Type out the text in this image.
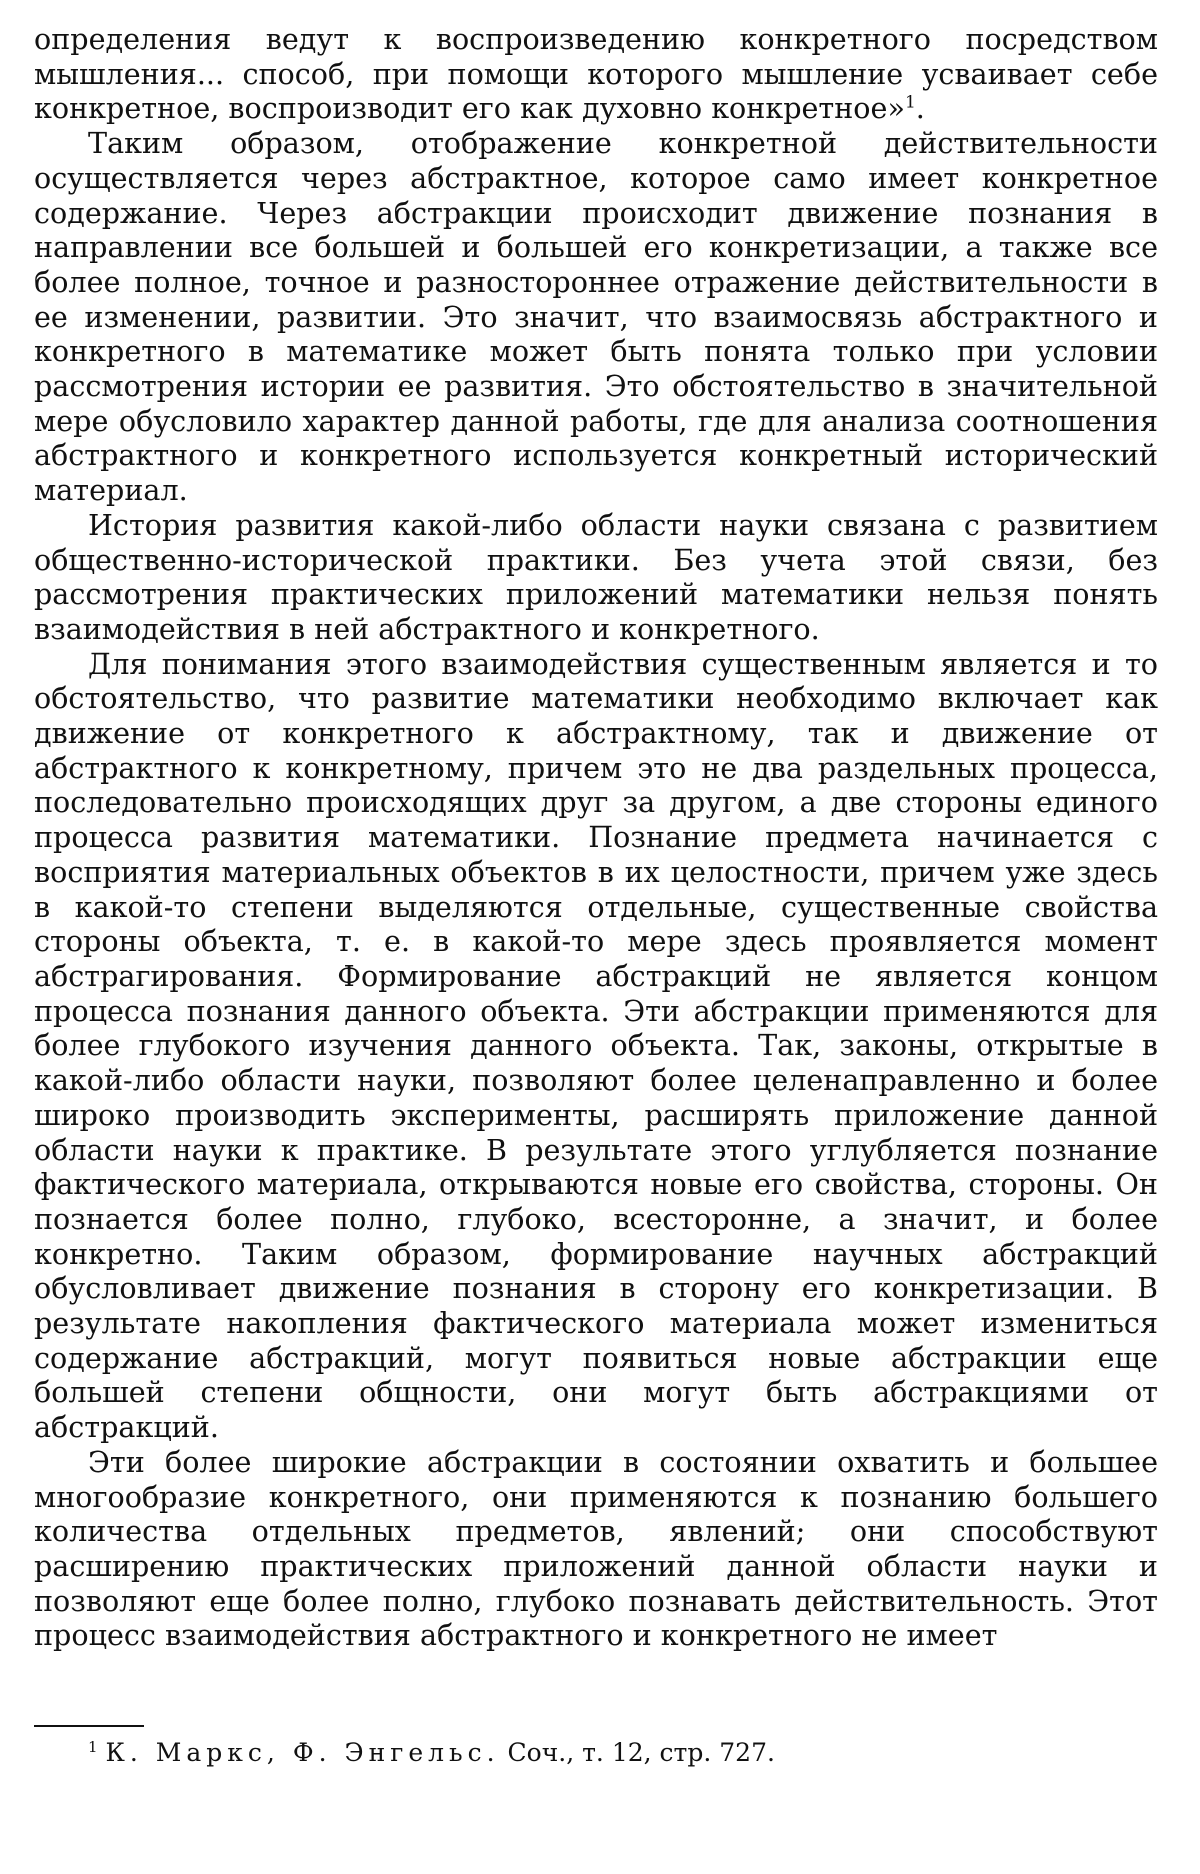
определения ведут к воспроизведению конкретного посредством мышления... способ, при помощи которого мышление усваивает себе конкретное, воспроизводит его как духовно конкретное»$^1$.

Таким образом, отображение конкретной действительности осуществляется через абстрактное, которое само имеет конкретное содержание. Через абстракции происходит движение познания в направлении все большей и большей его конкретизации, а также все более полное, точное и разностороннее отражение действительности в ее изменении, развитии. Это значит, что взаимосвязь абстрактного и конкретного в математике может быть понята только при условии рассмотрения истории ее развития. Это обстоятельство в значительной мере обусловило характер данной работы, где для анализа соотношения абстрактного и конкретного используется конкретный исторический материал.

История развития какой-либо области науки связана с развитием общественно-исторической практики. Без учета этой связи, без рассмотрения практических приложений математики нельзя понять взаимодействия в ней абстрактного и конкретного.

Для понимания этого взаимодействия существенным является и то обстоятельство, что развитие математики необходимо включает как движение от конкретного к абстрактному, так и движение от абстрактного к конкретному, причем это не два раздельных процесса, последовательно происходящих друг за другом, а две стороны единого процесса развития математики. Познание предмета начинается с восприятия материальных объектов в их целостности, причем уже здесь в какой-то степени выделяются отдельные, существенные свойства стороны объекта, т. е. в какой-то мере здесь проявляется момент абстрагирования. Формирование абстракций не является концом процесса познания данного объекта. Эти абстракции применяются для более глубокого изучения данного объекта. Так, законы, открытые в какой-либо области науки, позволяют более целенаправленно и более широко производить эксперименты, расширять приложение данной области науки к практике. В результате этого углубляется познание фактического материала, открываются новые его свойства, стороны. Он познается более полно, глубоко, всесторонне, а значит, и более конкретно. Таким образом, формирование научных абстракций обусловливает движение познания в сторону его конкретизации. В результате накопления фактического материала может измениться содержание абстракций, могут появиться новые абстракции еще большей степени общности, они могут быть абстракциями от абстракций.

Эти более широкие абстракции в состоянии охватить и большее многообразие конкретного, они применяются к познанию большего количества отдельных предметов, явлений; они способствуют расширению практических приложений данной области науки и позволяют еще более полно, глубоко познавать действительность. Этот процесс взаимодействия абстрактного и конкретного не имеет

$^1$ К. Маркс, Ф. Энгельс. Соч., т. 12, стр. 727.
